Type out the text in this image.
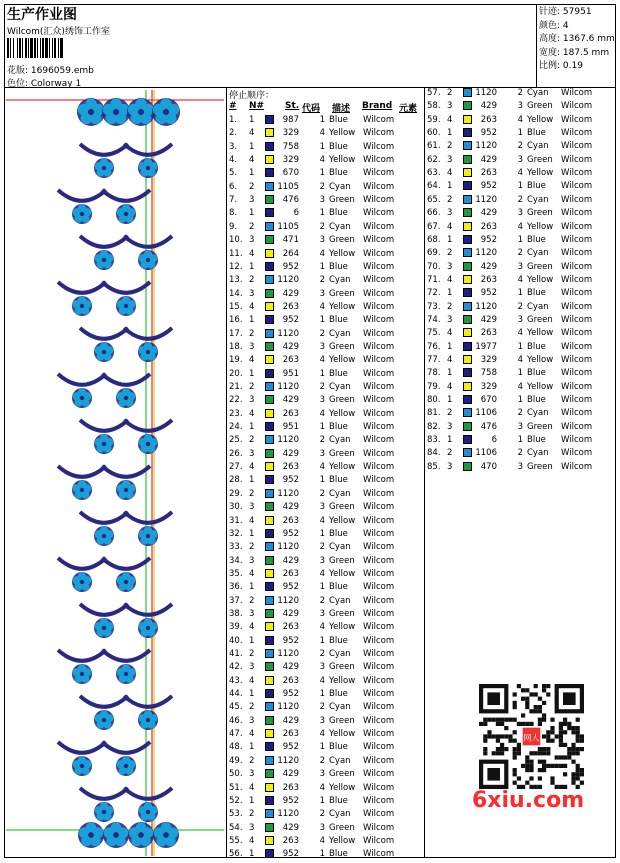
生产作业图
Wilcom(汇众)绣饰工作室
花版: 1696059.emb
色位: Colorway 1
针迹: 57951
颜色: 4
高度: 1367.6 mm
宽度: 187.5 mm
比例: 0.19
停止顺序：
# N# St. 代码 描述 Brand 元素
1. 1	987 1 Blue Wilcom
2. 4	329 4 Yellow Wilcom
3. 1	758 1 Blue Wilcom
4. 4	329 4 Yellow Wilcom
5. 1	670 1 Blue Wilcom
6. 2	1105 2 Cyan Wilcom
7. 3	476 3 Green Wilcom
8. 1	6 1 Blue Wilcom
9. 2	1105 2 Cyan Wilcom
10. 3	471 3 Green Wilcom
11. 4	264 4 Yellow Wilcom
12. 1	952 1 Blue Wilcom
13. 2	1120 2 Cyan Wilcom
14. 3	429 3 Green Wilcom
15. 4	263 4 Yellow Wilcom
16. 1	952 1 Blue Wilcom
17. 2	1120 2 Cyan Wilcom
18. 3	429 3 Green Wilcom
19. 4	263 4 Yellow Wilcom
20. 1	951 1 Blue Wilcom
21. 2	1120 2 Cyan Wilcom
22. 3	429 3 Green Wilcom
23. 4	263 4 Yellow Wilcom
24. 1	951 1 Blue Wilcom
25. 2	1120 2 Cyan Wilcom
26. 3	429 3 Green Wilcom
27. 4	263 4 Yellow Wilcom
28. 1	952 1 Blue Wilcom
29. 2	1120 2 Cyan Wilcom
30. 3	429 3 Green Wilcom
31. 4	263 4 Yellow Wilcom
32. 1	952 1 Blue Wilcom
33. 2	1120 2 Cyan Wilcom
34. 3	429 3 Green Wilcom
35. 4	263 4 Yellow Wilcom
36. 1	952 1 Blue Wilcom
37. 2	1120 2 Cyan Wilcom
38. 3	429 3 Green Wilcom
39. 4	263 4 Yellow Wilcom
40. 1	952 1 Blue Wilcom
41. 2	1120 2 Cyan Wilcom
42. 3	429 3 Green Wilcom
43. 4	263 4 Yellow Wilcom
44. 1	952 1 Blue Wilcom
45. 2	1120 2 Cyan Wilcom
46. 3	429 3 Green Wilcom
47. 4	263 4 Yellow Wilcom
48. 1	952 1 Blue Wilcom
49. 2	1120 2 Cyan Wilcom
50. 3	429 3 Green Wilcom
51. 4	263 4 Yellow Wilcom
52. 1	952 1 Blue Wilcom
53. 2	1120 2 Cyan Wilcom
54. 3	429 3 Green Wilcom
55. 4	263 4 Yellow Wilcom
56. 1	952 1 Blue Wilcom
57. 2	1120 2 Cyan Wilcom
58. 3	429 3 Green Wilcom
59. 4	263 4 Yellow Wilcom
60. 1	952 1 Blue Wilcom
61. 2	1120 2 Cyan Wilcom
62. 3	429 3 Green Wilcom
63. 4	263 4 Yellow Wilcom
64. 1	952 1 Blue Wilcom
65. 2	1120 2 Cyan Wilcom
66. 3	429 3 Green Wilcom
67. 4	263 4 Yellow Wilcom
68. 1	952 1 Blue Wilcom
69. 2	1120 2 Cyan Wilcom
70. 3	429 3 Green Wilcom
71. 4	263 4 Yellow Wilcom
72. 1	952 1 Blue Wilcom
73. 2	1120 2 Cyan Wilcom
74. 3	429 3 Green Wilcom
75. 4	263 4 Yellow Wilcom
76. 1	1977 1 Blue Wilcom
77. 4	329 4 Yellow Wilcom
78. 1	758 1 Blue Wilcom
79. 4	329 4 Yellow Wilcom
80. 1	670 1 Blue Wilcom
81. 2	1106 2 Cyan Wilcom
82. 3	476 3 Green Wilcom
83. 1	6 1 Blue Wilcom
84. 2	1106 2 Cyan Wilcom
85. 3	470 3 Green Wilcom
网人
6xiu.com
